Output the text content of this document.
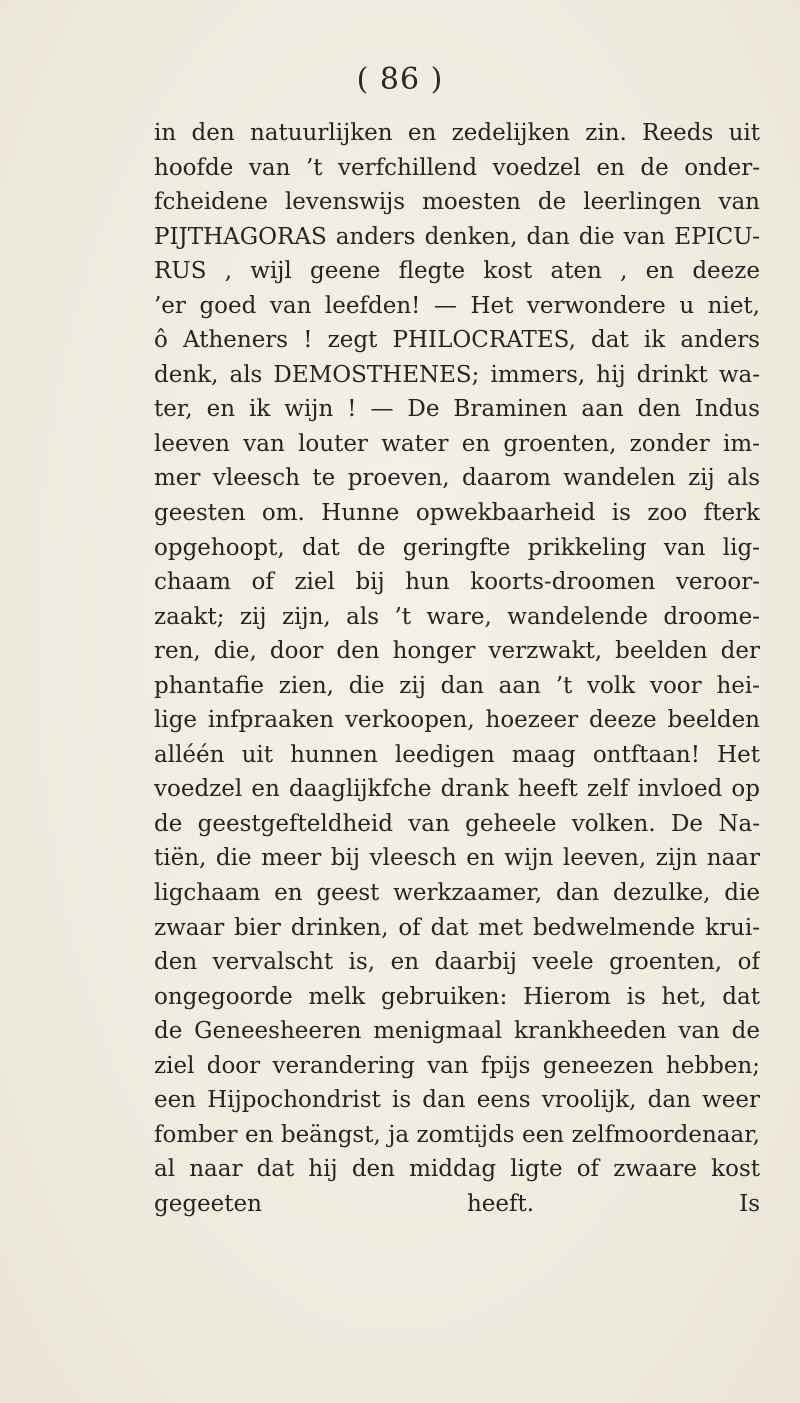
( 86 )
in den natuurlijken en zedelijken zin. Reeds uit
hoofde van ’t verfchillend voedzel en de onder-
fcheidene levenswijs moesten de leerlingen van
PIJTHAGORAS anders denken, dan die van EPICU-
RUS , wijl geene flegte kost aten , en deeze
’er goed van leefden! — Het verwondere u niet,
ô Atheners ! zegt PHILOCRATES, dat ik anders
denk, als DEMOSTHENES; immers, hij drinkt wa-
ter, en ik wijn ! — De Braminen aan den Indus
leeven van louter water en groenten, zonder im-
mer vleesch te proeven, daarom wandelen zij als
geesten om. Hunne opwekbaarheid is zoo fterk
opgehoopt, dat de geringfte prikkeling van lig-
chaam of ziel bij hun koorts-droomen veroor-
zaakt; zij zijn, als ’t ware, wandelende droome-
ren, die, door den honger verzwakt, beelden der
phantafie zien, die zij dan aan ’t volk voor hei-
lige infpraaken verkoopen, hoezeer deeze beelden
alléén uit hunnen leedigen maag ontftaan! Het
voedzel en daaglijkfche drank heeft zelf invloed op
de geestgefteldheid van geheele volken. De Na-
tiën, die meer bij vleesch en wijn leeven, zijn naar
ligchaam en geest werkzaamer, dan dezulke, die
zwaar bier drinken, of dat met bedwelmende krui-
den vervalscht is, en daarbij veele groenten, of
ongegoorde melk gebruiken: Hierom is het, dat
de Geneesheeren menigmaal krankheeden van de
ziel door verandering van fpijs geneezen hebben;
een Hijpochondrist is dan eens vroolijk, dan weer
fomber en beängst, ja zomtijds een zelfmoordenaar,
al naar dat hij den middag ligte of zwaare kost
gegeeten heeft. Is
